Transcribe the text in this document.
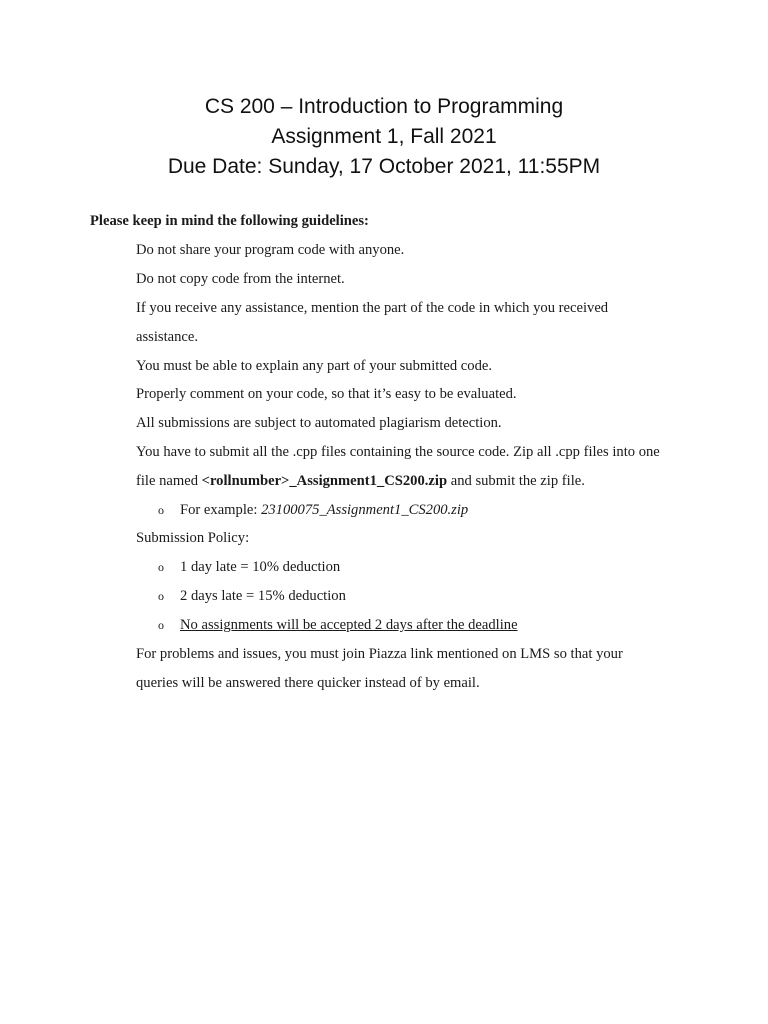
CS 200 – Introduction to Programming
Assignment 1, Fall 2021
Due Date: Sunday, 17 October 2021, 11:55PM
Please keep in mind the following guidelines:
Do not share your program code with anyone.
Do not copy code from the internet.
If you receive any assistance, mention the part of the code in which you received
assistance.
You must be able to explain any part of your submitted code.
Properly comment on your code, so that it’s easy to be evaluated.
All submissions are subject to automated plagiarism detection.
You have to submit all the .cpp files containing the source code. Zip all .cpp files into one
file named <rollnumber>_Assignment1_CS200.zip and submit the zip file.
o For example: 23100075_Assignment1_CS200.zip
Submission Policy:
o 1 day late = 10% deduction
o 2 days late = 15% deduction
o No assignments will be accepted 2 days after the deadline
For problems and issues, you must join Piazza link mentioned on LMS so that your
queries will be answered there quicker instead of by email.
